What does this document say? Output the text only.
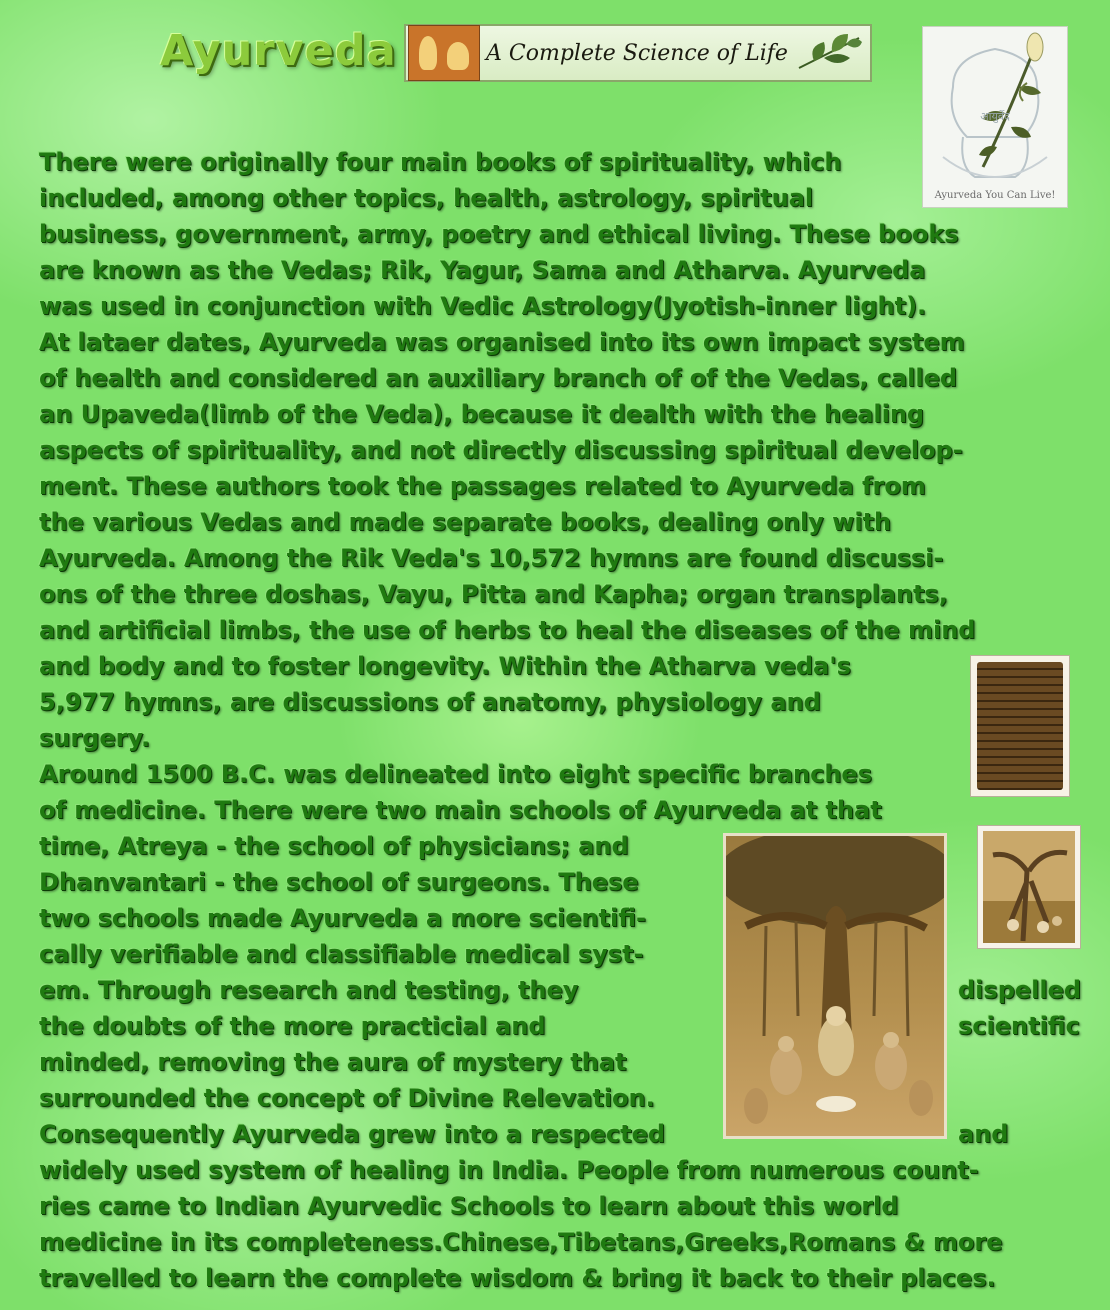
Ayurveda	A Complete Science of Life
आयुर्वेद
Ayurveda You Can Live!
There were originally four main books of spirituality, which
included, among other topics, health, astrology, spiritual
business, government, army, poetry and ethical living. These books
are known as the Vedas; Rik, Yagur, Sama and Atharva. Ayurveda
was used in conjunction with Vedic Astrology(Jyotish-inner light).
At lataer dates, Ayurveda was organised into its own impact system
of health and considered an auxiliary branch of of the Vedas, called
an Upaveda(limb of the Veda), because it dealth with the healing
aspects of spirituality, and not directly discussing spiritual develop-
ment. These authors took the passages related to Ayurveda from
the various Vedas and made separate books, dealing only with
Ayurveda. Among the Rik Veda's 10,572 hymns are found discussi-
ons of the three doshas, Vayu, Pitta and Kapha; organ transplants,
and artificial limbs, the use of herbs to heal the diseases of the mind
and body and to foster longevity. Within the Atharva veda's
5,977 hymns, are discussions of anatomy, physiology and
surgery.
Around 1500 B.C. was delineated into eight specific branches
of medicine. There were two main schools of Ayurveda at that
time, Atreya - the school of physicians; and
Dhanvantari - the school of surgeons. These
two schools made Ayurveda a more scientifi-
cally verifiable and classifiable medical syst-
em. Through research and testing, they
the doubts of the more practicial and
minded, removing the aura of mystery that
surrounded the concept of Divine Relevation.
Consequently Ayurveda grew into a respected
widely used system of healing in India. People from numerous count-
ries came to Indian Ayurvedic Schools to learn about this world
medicine in its completeness.Chinese,Tibetans,Greeks,Romans & more
travelled to learn the complete wisdom & bring it back to their places.
dispelled
scientific
and
